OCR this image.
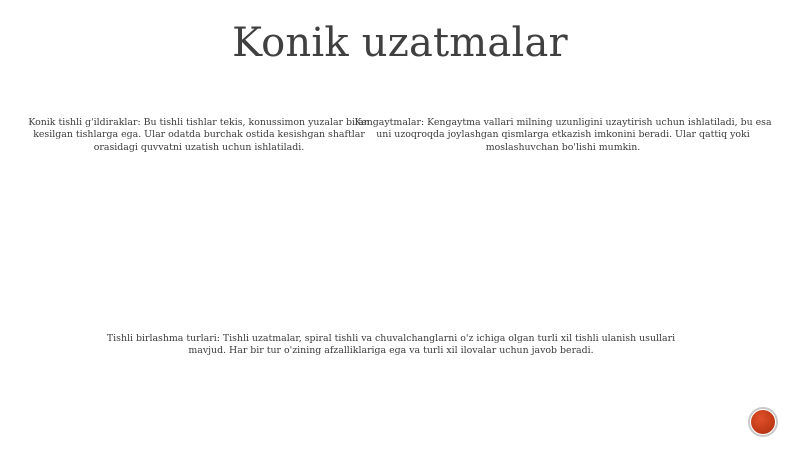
Konik uzatmalar
Konik tishli g'ildiraklar: Bu tishli tishlar tekis, konussimon yuzalar bilan kesilgan tishlarga ega. Ular odatda burchak ostida kesishgan shaftlar orasidagi quvvatni uzatish uchun ishlatiladi.
Kengaytmalar: Kengaytma vallari milning uzunligini uzaytirish uchun ishlatiladi, bu esa uni uzoqroqda joylashgan qismlarga etkazish imkonini beradi. Ular qattiq yoki moslashuvchan bo'lishi mumkin.
Tishli birlashma turlari: Tishli uzatmalar, spiral tishli va chuvalchanglarni o'z ichiga olgan turli xil tishli ulanish usullari mavjud. Har bir tur o'zining afzalliklariga ega va turli xil ilovalar uchun javob beradi.
